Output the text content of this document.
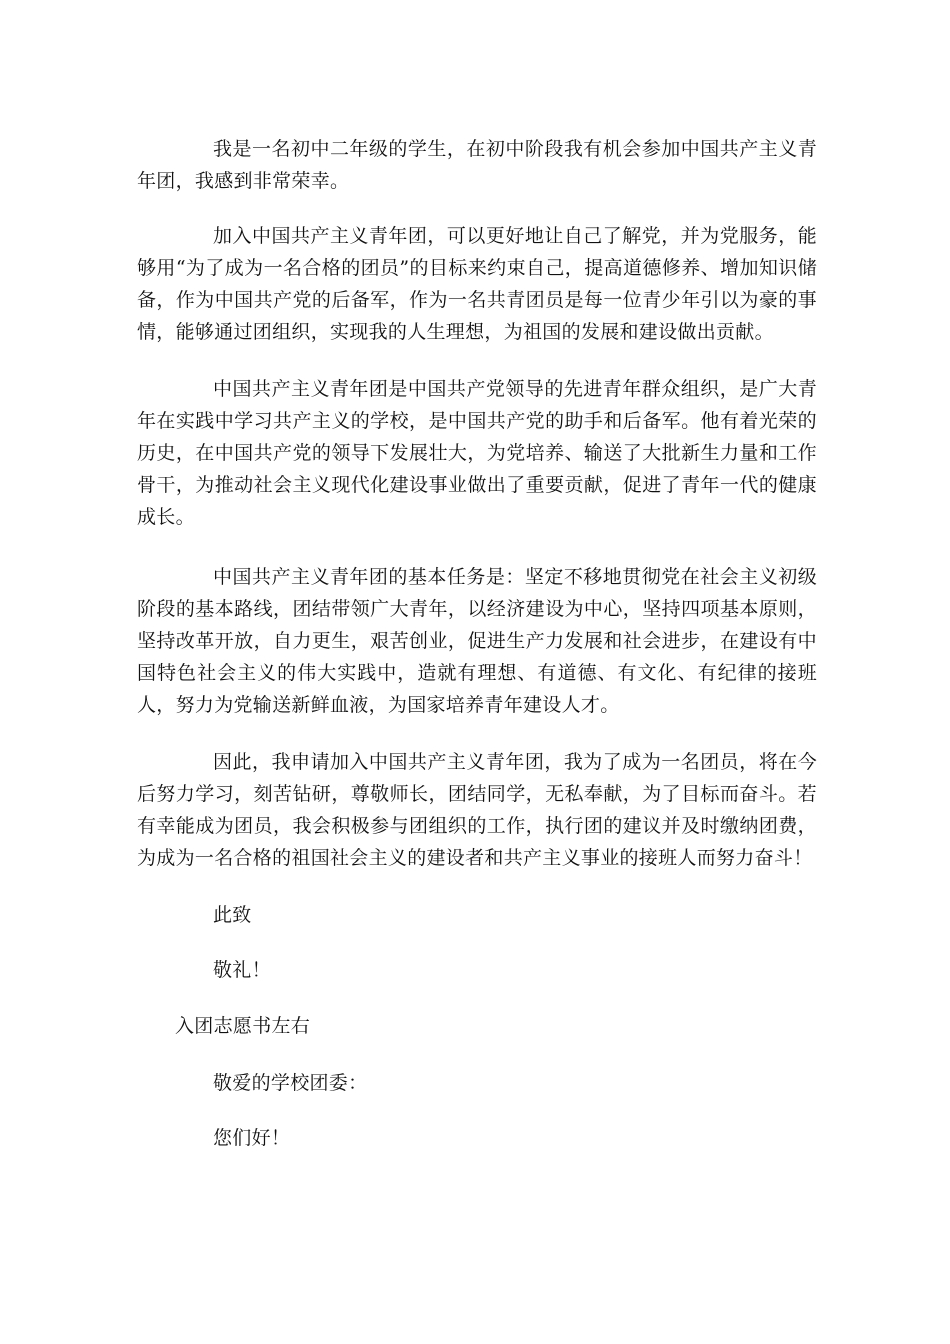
我是一名初中二年级的学生，在初中阶段我有机会参加中国共产主义青年团，我感到非常荣幸。

加入中国共产主义青年团，可以更好地让自己了解党，并为党服务，能够用“为了成为一名合格的团员”的目标来约束自己，提高道德修养、增加知识储备，作为中国共产党的后备军，作为一名共青团员是每一位青少年引以为豪的事情，能够通过团组织，实现我的人生理想，为祖国的发展和建设做出贡献。

中国共产主义青年团是中国共产党领导的先进青年群众组织，是广大青年在实践中学习共产主义的学校，是中国共产党的助手和后备军。他有着光荣的历史，在中国共产党的领导下发展壮大，为党培养、输送了大批新生力量和工作骨干，为推动社会主义现代化建设事业做出了重要贡献，促进了青年一代的健康成长。

中国共产主义青年团的基本任务是：坚定不移地贯彻党在社会主义初级阶段的基本路线，团结带领广大青年，以经济建设为中心，坚持四项基本原则，坚持改革开放，自力更生，艰苦创业，促进生产力发展和社会进步，在建设有中国特色社会主义的伟大实践中，造就有理想、有道德、有文化、有纪律的接班人，努力为党输送新鲜血液，为国家培养青年建设人才。

因此，我申请加入中国共产主义青年团，我为了成为一名团员，将在今后努力学习，刻苦钻研，尊敬师长，团结同学，无私奉献，为了目标而奋斗。若有幸能成为团员，我会积极参与团组织的工作，执行团的建议并及时缴纳团费，为成为一名合格的祖国社会主义的建设者和共产主义事业的接班人而努力奋斗！

此致

敬礼！

入团志愿书左右

敬爱的学校团委：

您们好！
